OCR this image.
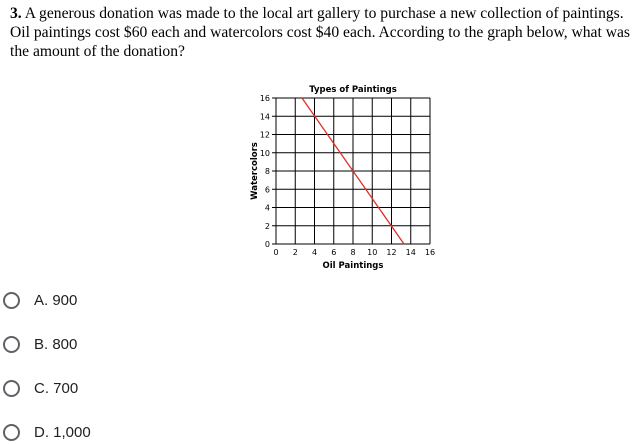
3. A generous donation was made to the local art gallery to purchase a new collection of paintings. Oil paintings cost $60 each and watercolors cost $40 each. According to the graph below, what was the amount of the donation?
0
2
4
6
8
10
12
14
16
0 2 4 6 8 10 12 14 16
Types of Paintings
Oil Paintings
Watercolors
A. 900
B. 800
C. 700
D. 1,000
